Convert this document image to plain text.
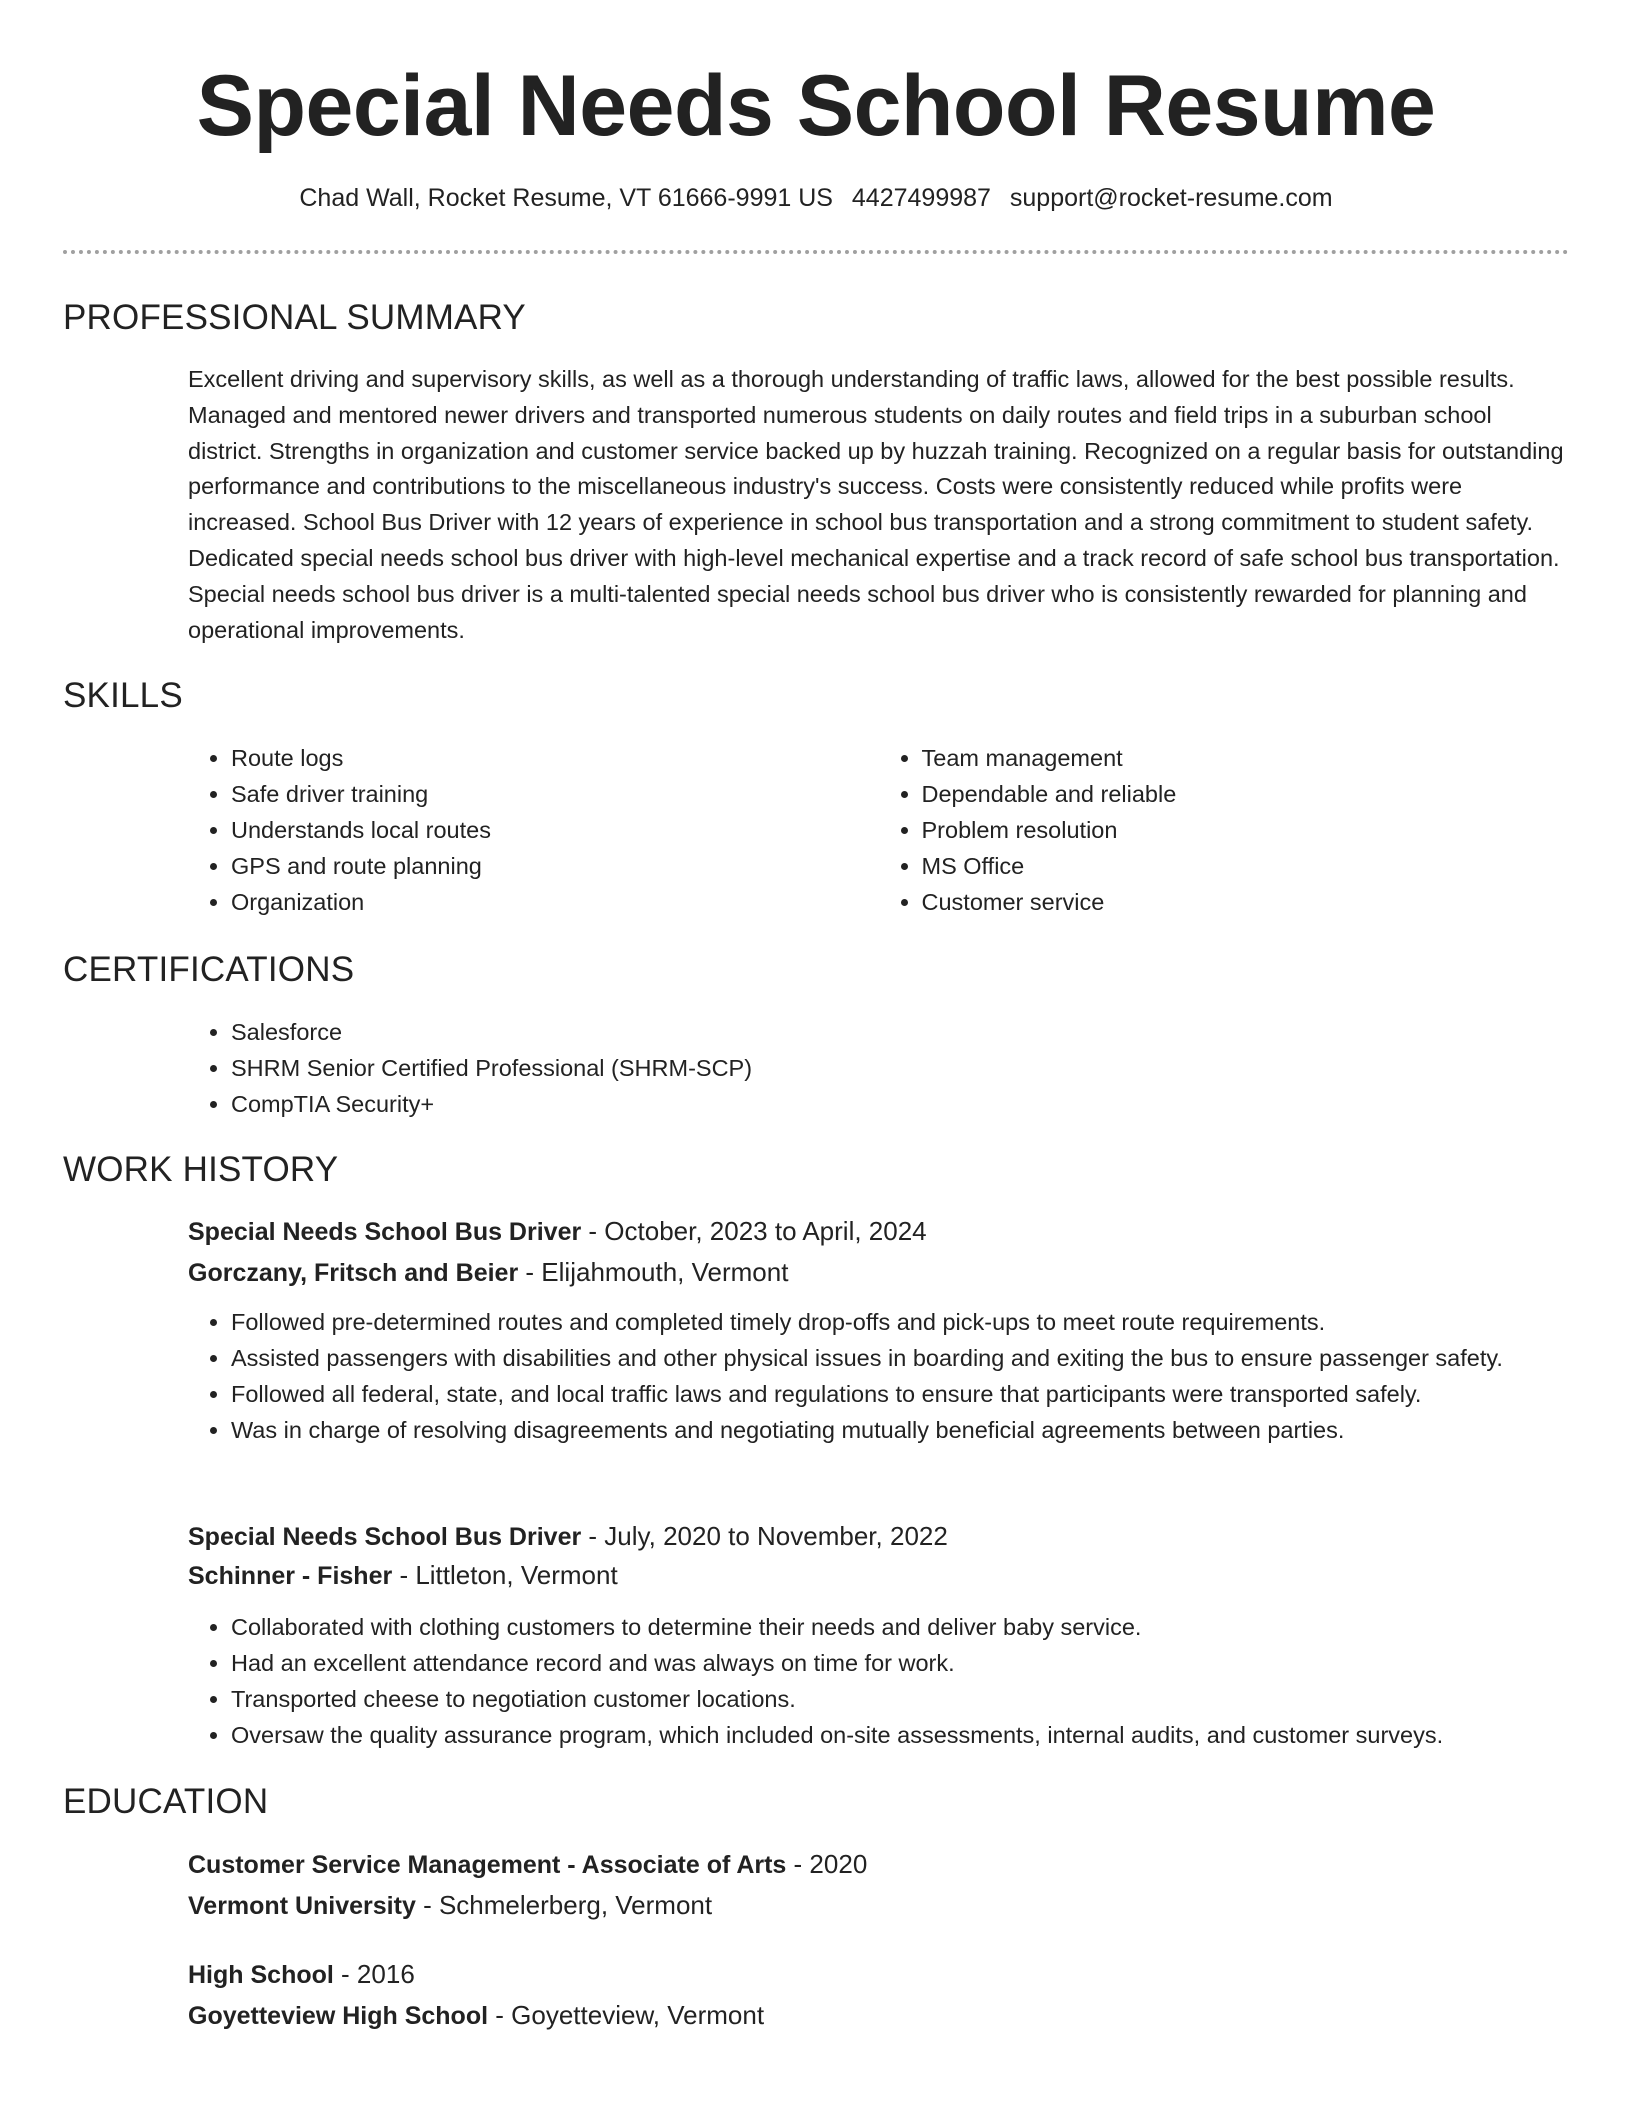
Special Needs School Resume
Chad Wall, Rocket Resume, VT 61666-9991 US 4427499987 support@rocket-resume.com
PROFESSIONAL SUMMARY

Excellent driving and supervisory skills, as well as a thorough understanding of traffic laws, allowed for the best possible results. Managed and mentored newer drivers and transported numerous students on daily routes and field trips in a suburban school district. Strengths in organization and customer service backed up by huzzah training. Recognized on a regular basis for outstanding performance and contributions to the miscellaneous industry's success. Costs were consistently reduced while profits were increased. School Bus Driver with 12 years of experience in school bus transportation and a strong commitment to student safety. Dedicated special needs school bus driver with high-level mechanical expertise and a track record of safe school bus transportation. Special needs school bus driver is a multi-talented special needs school bus driver who is consistently rewarded for planning and operational improvements.

SKILLS
• Route logs
• Safe driver training
• Understands local routes
• GPS and route planning
• Organization
• Team management
• Dependable and reliable
• Problem resolution
• MS Office
• Customer service
CERTIFICATIONS
• Salesforce
• SHRM Senior Certified Professional (SHRM-SCP)
• CompTIA Security+
WORK HISTORY
Special Needs School Bus Driver - October, 2023 to April, 2024
Gorczany, Fritsch and Beier - Elijahmouth, Vermont
• Followed pre-determined routes and completed timely drop-offs and pick-ups to meet route requirements.
• Assisted passengers with disabilities and other physical issues in boarding and exiting the bus to ensure passenger safety.
• Followed all federal, state, and local traffic laws and regulations to ensure that participants were transported safely.
• Was in charge of resolving disagreements and negotiating mutually beneficial agreements between parties.
Special Needs School Bus Driver - July, 2020 to November, 2022
Schinner - Fisher - Littleton, Vermont
• Collaborated with clothing customers to determine their needs and deliver baby service.
• Had an excellent attendance record and was always on time for work.
• Transported cheese to negotiation customer locations.
• Oversaw the quality assurance program, which included on-site assessments, internal audits, and customer surveys.
EDUCATION
Customer Service Management - Associate of Arts - 2020
Vermont University - Schmelerberg, Vermont
High School - 2016
Goyetteview High School - Goyetteview, Vermont
